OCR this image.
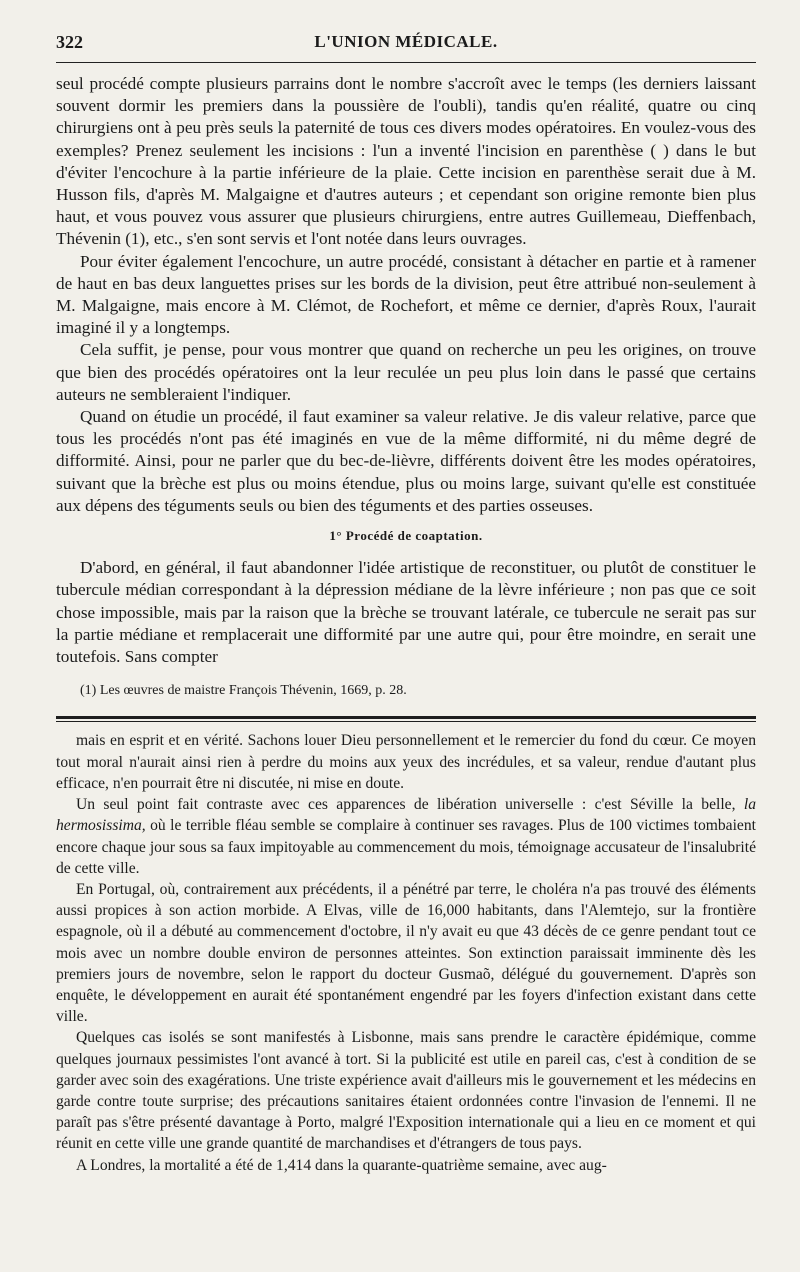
322	L'UNION MÉDICALE.

seul procédé compte plusieurs parrains dont le nombre s'accroît avec le temps (les derniers laissant souvent dormir les premiers dans la poussière de l'oubli), tandis qu'en réalité, quatre ou cinq chirurgiens ont à peu près seuls la paternité de tous ces divers modes opératoires. En voulez-vous des exemples? Prenez seulement les incisions : l'un a inventé l'incision en parenthèse ( ) dans le but d'éviter l'encochure à la partie inférieure de la plaie. Cette incision en parenthèse serait due à M. Husson fils, d'après M. Malgaigne et d'autres auteurs ; et cependant son origine remonte bien plus haut, et vous pouvez vous assurer que plusieurs chirurgiens, entre autres Guillemeau, Dieffenbach, Thévenin (1), etc., s'en sont servis et l'ont notée dans leurs ouvrages.

Pour éviter également l'encochure, un autre procédé, consistant à détacher en partie et à ramener de haut en bas deux languettes prises sur les bords de la division, peut être attribué non-seulement à M. Malgaigne, mais encore à M. Clémot, de Rochefort, et même ce dernier, d'après Roux, l'aurait imaginé il y a longtemps.

Cela suffit, je pense, pour vous montrer que quand on recherche un peu les origines, on trouve que bien des procédés opératoires ont la leur reculée un peu plus loin dans le passé que certains auteurs ne sembleraient l'indiquer.

Quand on étudie un procédé, il faut examiner sa valeur relative. Je dis valeur relative, parce que tous les procédés n'ont pas été imaginés en vue de la même difformité, ni du même degré de difformité. Ainsi, pour ne parler que du bec-de-lièvre, différents doivent être les modes opératoires, suivant que la brèche est plus ou moins étendue, plus ou moins large, suivant qu'elle est constituée aux dépens des téguments seuls ou bien des téguments et des parties osseuses.

1° Procédé de coaptation.

D'abord, en général, il faut abandonner l'idée artistique de reconstituer, ou plutôt de constituer le tubercule médian correspondant à la dépression médiane de la lèvre inférieure ; non pas que ce soit chose impossible, mais par la raison que la brèche se trouvant latérale, ce tubercule ne serait pas sur la partie médiane et remplacerait une difformité par une autre qui, pour être moindre, en serait une toutefois. Sans compter

(1) Les œuvres de maistre François Thévenin, 1669, p. 28.

mais en esprit et en vérité. Sachons louer Dieu personnellement et le remercier du fond du cœur. Ce moyen tout moral n'aurait ainsi rien à perdre du moins aux yeux des incrédules, et sa valeur, rendue d'autant plus efficace, n'en pourrait être ni discutée, ni mise en doute.

Un seul point fait contraste avec ces apparences de libération universelle : c'est Séville la belle, la hermosissima, où le terrible fléau semble se complaire à continuer ses ravages. Plus de 100 victimes tombaient encore chaque jour sous sa faux impitoyable au commencement du mois, témoignage accusateur de l'insalubrité de cette ville.

En Portugal, où, contrairement aux précédents, il a pénétré par terre, le choléra n'a pas trouvé des éléments aussi propices à son action morbide. A Elvas, ville de 16,000 habitants, dans l'Alemtejo, sur la frontière espagnole, où il a débuté au commencement d'octobre, il n'y avait eu que 43 décès de ce genre pendant tout ce mois avec un nombre double environ de personnes atteintes. Son extinction paraissait imminente dès les premiers jours de novembre, selon le rapport du docteur Gusmaõ, délégué du gouvernement. D'après son enquête, le développement en aurait été spontanément engendré par les foyers d'infection existant dans cette ville.

Quelques cas isolés se sont manifestés à Lisbonne, mais sans prendre le caractère épidémique, comme quelques journaux pessimistes l'ont avancé à tort. Si la publicité est utile en pareil cas, c'est à condition de se garder avec soin des exagérations. Une triste expérience avait d'ailleurs mis le gouvernement et les médecins en garde contre toute surprise; des précautions sanitaires étaient ordonnées contre l'invasion de l'ennemi. Il ne paraît pas s'être présenté davantage à Porto, malgré l'Exposition internationale qui a lieu en ce moment et qui réunit en cette ville une grande quantité de marchandises et d'étrangers de tous pays.

A Londres, la mortalité a été de 1,414 dans la quarante-quatrième semaine, avec aug-
